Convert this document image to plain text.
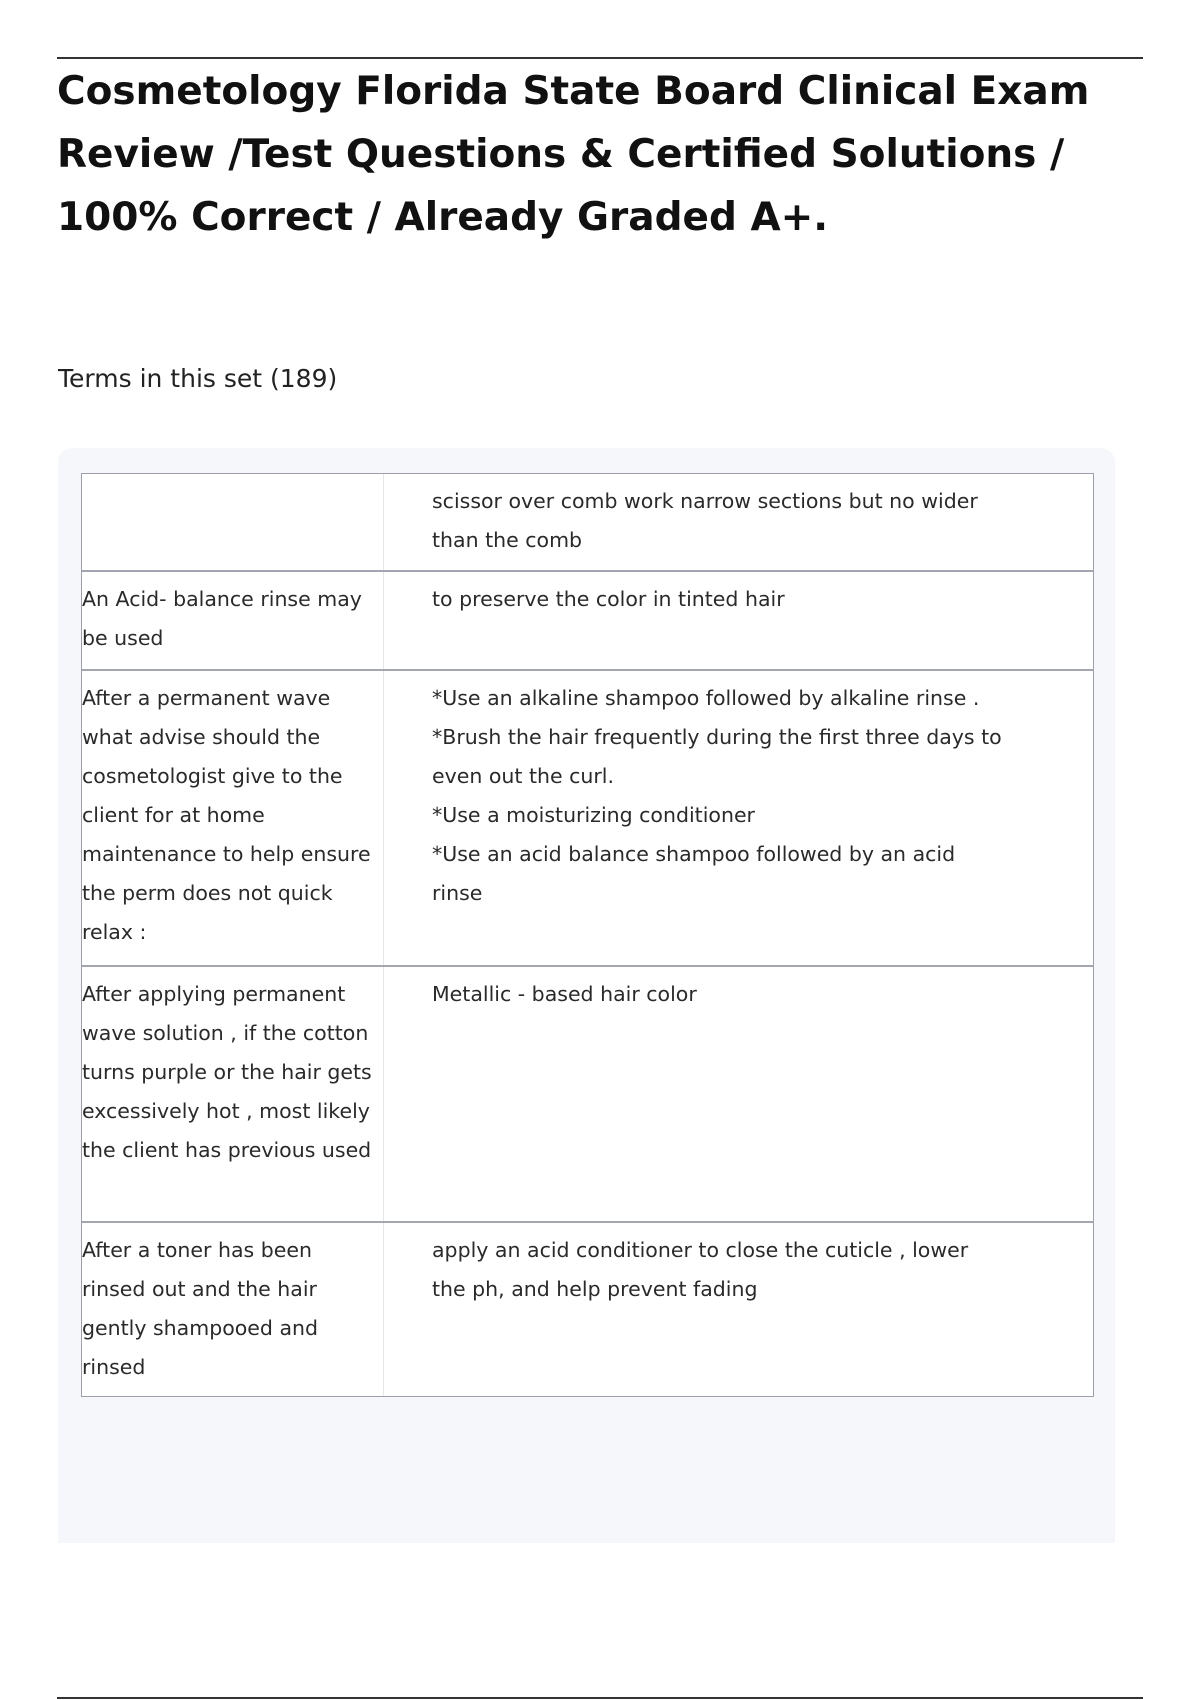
Cosmetology Florida State Board Clinical Exam Review /Test Questions & Certified Solutions / 100% Correct / Already Graded A+.
Terms in this set (189)
scissor over comb work narrow sections but no wider than the comb
An Acid- balance rinse may be used
to preserve the color in tinted hair
After a permanent wave what advise should the cosmetologist give to the client for at home maintenance to help ensure the perm does not quick relax :
*Use an alkaline shampoo followed by alkaline rinse .
*Brush the hair frequently during the first three days to even out the curl.
*Use a moisturizing conditioner
*Use an acid balance shampoo followed by an acid rinse
After applying permanent wave solution , if the cotton turns purple or the hair gets excessively hot , most likely the client has previous used
Metallic - based hair color
After a toner has been rinsed out and the hair gently shampooed and rinsed
apply an acid conditioner to close the cuticle , lower the ph, and help prevent fading
